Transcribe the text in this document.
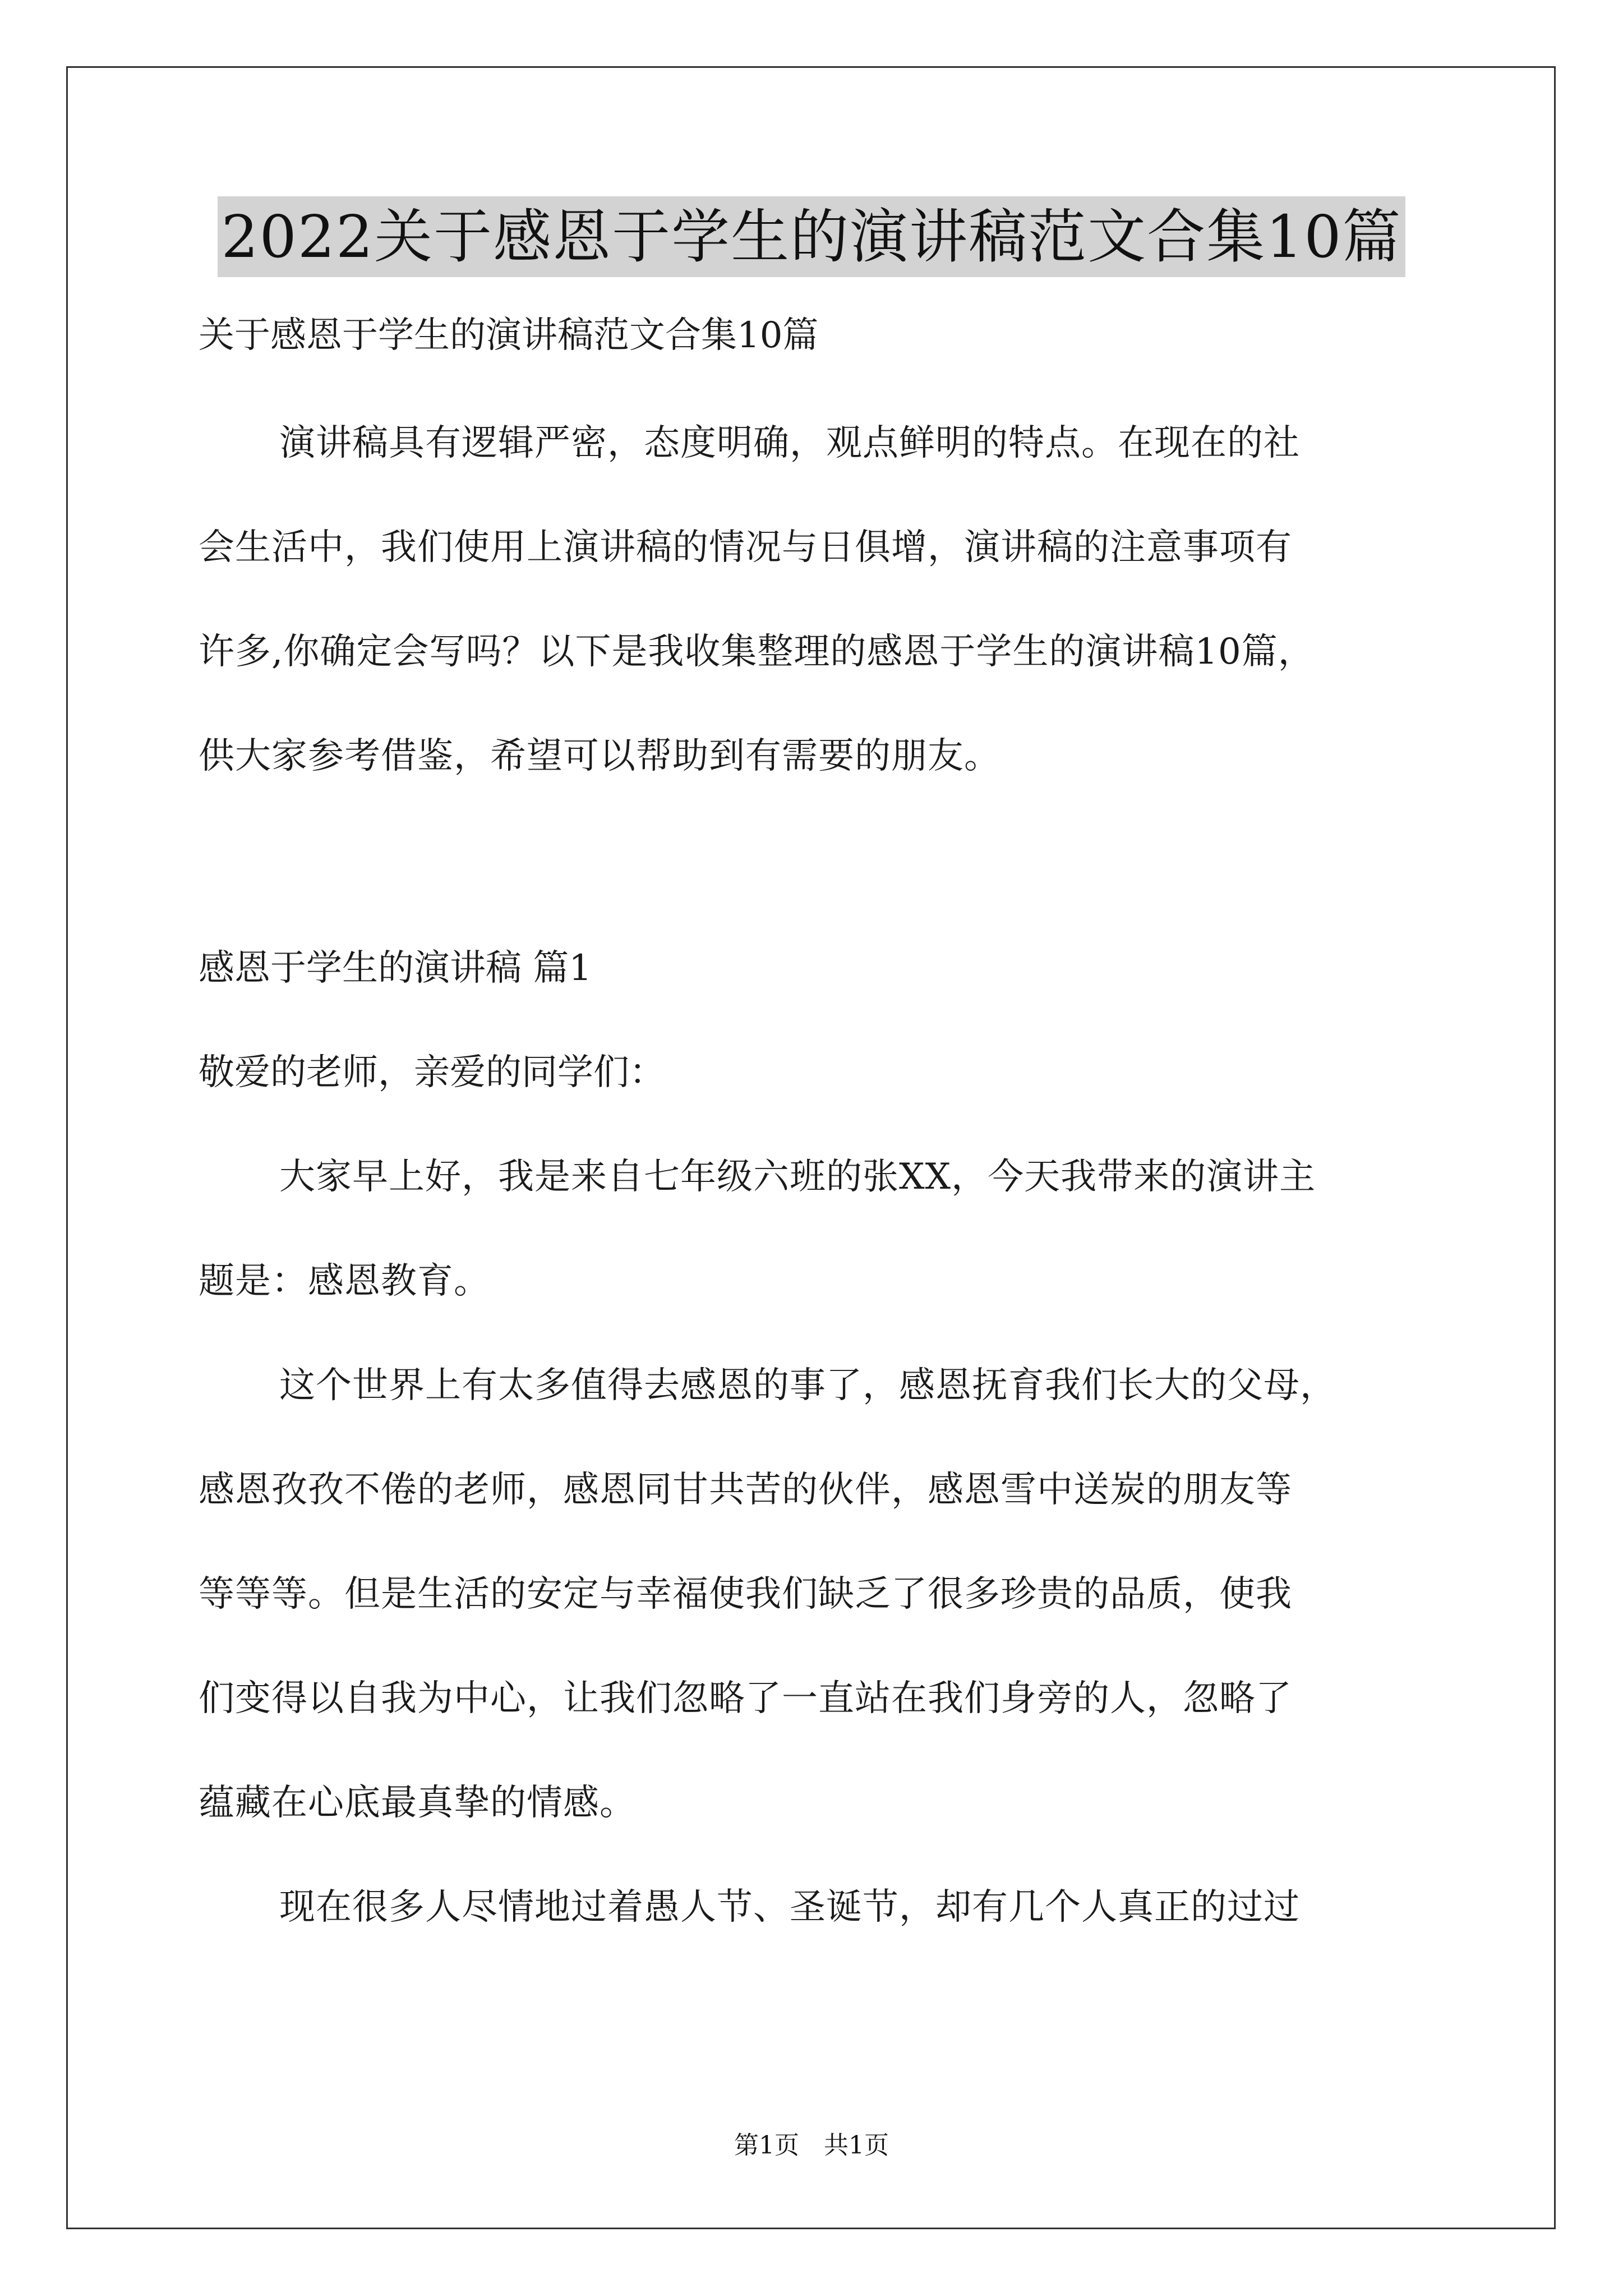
2022关于感恩于学生的演讲稿范文合集10篇

关于感恩于学生的演讲稿范文合集10篇

演讲稿具有逻辑严密，态度明确，观点鲜明的特点。在现在的社
会生活中，我们使用上演讲稿的情况与日俱增，演讲稿的注意事项有
许多,你确定会写吗？以下是我收集整理的感恩于学生的演讲稿10篇，
供大家参考借鉴，希望可以帮助到有需要的朋友。

感恩于学生的演讲稿 篇1

敬爱的老师，亲爱的同学们：

大家早上好，我是来自七年级六班的张XX，今天我带来的演讲主
题是：感恩教育。

这个世界上有太多值得去感恩的事了，感恩抚育我们长大的父母，
感恩孜孜不倦的老师，感恩同甘共苦的伙伴，感恩雪中送炭的朋友等
等等等。但是生活的安定与幸福使我们缺乏了很多珍贵的品质，使我
们变得以自我为中心，让我们忽略了一直站在我们身旁的人，忽略了
蕴藏在心底最真挚的情感。

现在很多人尽情地过着愚人节、圣诞节，却有几个人真正的过过

第1页 共1页
